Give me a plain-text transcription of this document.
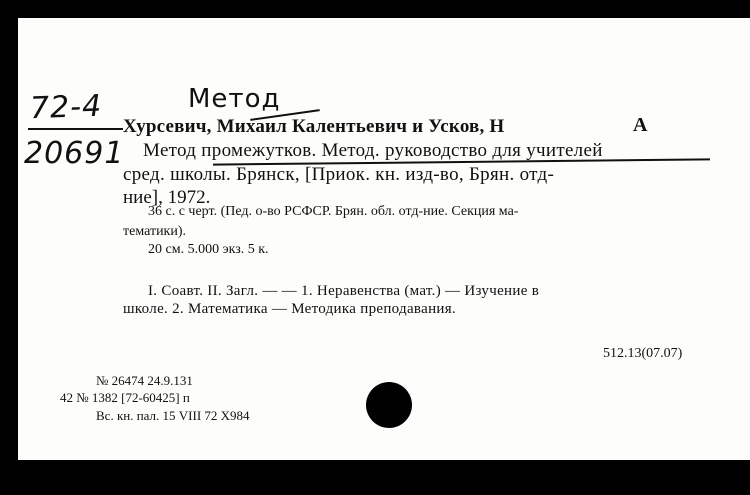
72-4
20691
Метод
А
Хурсевич, Михаил Калентьевич и Усков, Н
Метод промежутков. Метод. руководство для учителей
сред. школы. Брянск, [Приок. кн. изд-во, Брян. отд-
ние], 1972.
36 с. с черт. (Пед. о-во РСФСР. Брян. обл. отд-ние. Секция ма-
тематики).
20 см. 5.000 экз. 5 к.
I. Соавт. II. Загл. — — 1. Неравенства (мат.) — Изучение в
школе. 2. Математика — Методика преподавания.
512.13(07.07)
№ 26474 24.9.131
42 № 1382 [72-60425] п
Вс. кн. пал. 15 VIII 72 Х984
